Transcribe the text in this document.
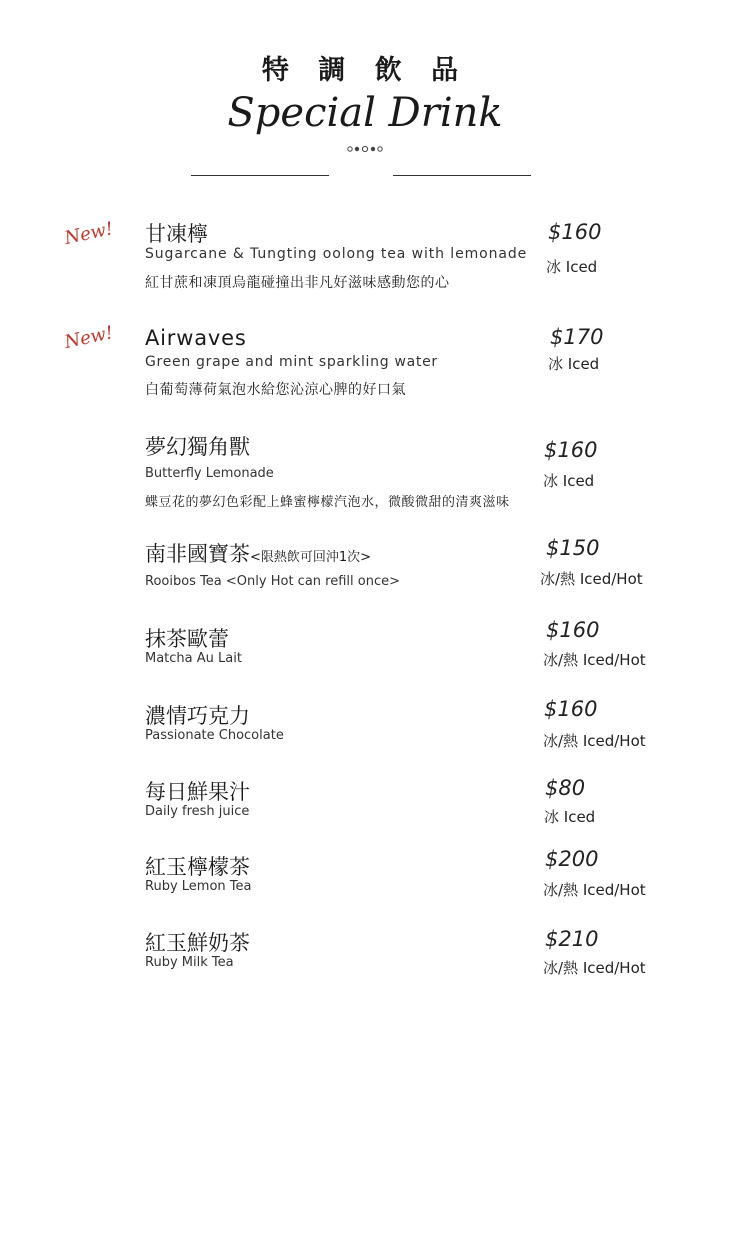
特 調 飲 品
Special Drink
New! 甘凍檸
Sugarcane & Tungting oolong tea with lemonade
紅甘蔗和凍頂烏龍碰撞出非凡好滋味感動您的心
$160
冰 Iced
New! Airwaves
Green grape and mint sparkling water
白葡萄薄荷氣泡水給您沁涼心脾的好口氣
$170
冰 Iced
夢幻獨角獸
Butterfly Lemonade
蝶豆花的夢幻色彩配上蜂蜜檸檬汽泡水，微酸微甜的清爽滋味
$160
冰 Iced
南非國寶茶<限熱飲可回沖1次>
Rooibos Tea <Only Hot can refill once>
$150
冰/熱 Iced/Hot
抹茶歐蕾
Matcha Au Lait
$160
冰/熱 Iced/Hot
濃情巧克力
Passionate Chocolate
$160
冰/熱 Iced/Hot
每日鮮果汁
Daily fresh juice
$80
冰 Iced
紅玉檸檬茶
Ruby Lemon Tea
$200
冰/熱 Iced/Hot
紅玉鮮奶茶
Ruby Milk Tea
$210
冰/熱 Iced/Hot
